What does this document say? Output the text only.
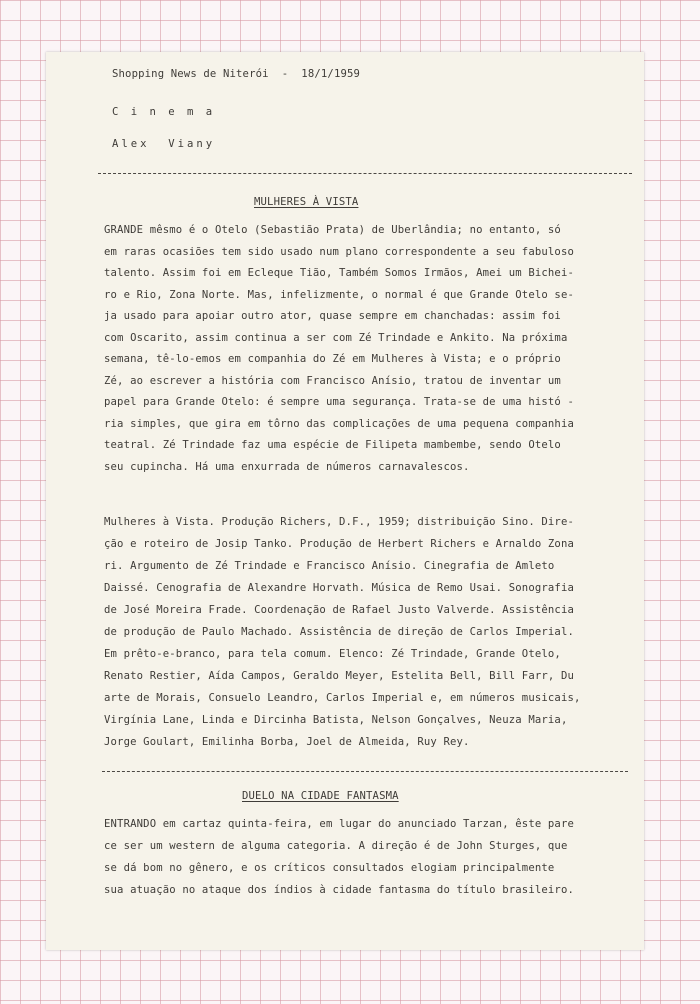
Shopping News de Niterói  -  18/1/1959

C i n e m a

Alex  Viany

MULHERES À VISTA

GRANDE mêsmo é o Otelo (Sebastião Prata) de Uberlândia; no entanto, só

em raras ocasiões tem sido usado num plano correspondente a seu fabuloso

talento. Assim foi em Ecleque Tião, Também Somos Irmãos, Amei um Bichei-

ro e Rio, Zona Norte. Mas, infelizmente, o normal é que Grande Otelo se-

ja usado para apoiar outro ator, quase sempre em chanchadas: assim foi

com Oscarito, assim continua a ser com Zé Trindade e Ankito. Na próxima

semana, tê-lo-emos em companhia do Zé em Mulheres à Vista; e o próprio

Zé, ao escrever a história com Francisco Anísio, tratou de inventar um

papel para Grande Otelo: é sempre uma segurança. Trata-se de uma histó -

ria simples, que gira em tôrno das complicações de uma pequena companhia

teatral. Zé Trindade faz uma espécie de Filipeta mambembe, sendo Otelo

seu cupincha. Há uma enxurrada de números carnavalescos.

Mulheres à Vista. Produção Richers, D.F., 1959; distribuição Sino. Dire-

ção e roteiro de Josip Tanko. Produção de Herbert Richers e Arnaldo Zona

ri. Argumento de Zé Trindade e Francisco Anísio. Cinegrafia de Amleto

Daissé. Cenografia de Alexandre Horvath. Música de Remo Usai. Sonografia

de José Moreira Frade. Coordenação de Rafael Justo Valverde. Assistência

de produção de Paulo Machado. Assistência de direção de Carlos Imperial.

Em prêto-e-branco, para tela comum. Elenco: Zé Trindade, Grande Otelo,

Renato Restier, Aída Campos, Geraldo Meyer, Estelita Bell, Bill Farr, Du

arte de Morais, Consuelo Leandro, Carlos Imperial e, em números musicais,

Virgínia Lane, Linda e Dircinha Batista, Nelson Gonçalves, Neuza Maria,

Jorge Goulart, Emilinha Borba, Joel de Almeida, Ruy Rey.

DUELO NA CIDADE FANTASMA

ENTRANDO em cartaz quinta-feira, em lugar do anunciado Tarzan, êste pare

ce ser um western de alguma categoria. A direção é de John Sturges, que

se dá bom no gênero, e os críticos consultados elogiam principalmente

sua atuação no ataque dos índios à cidade fantasma do título brasileiro.
